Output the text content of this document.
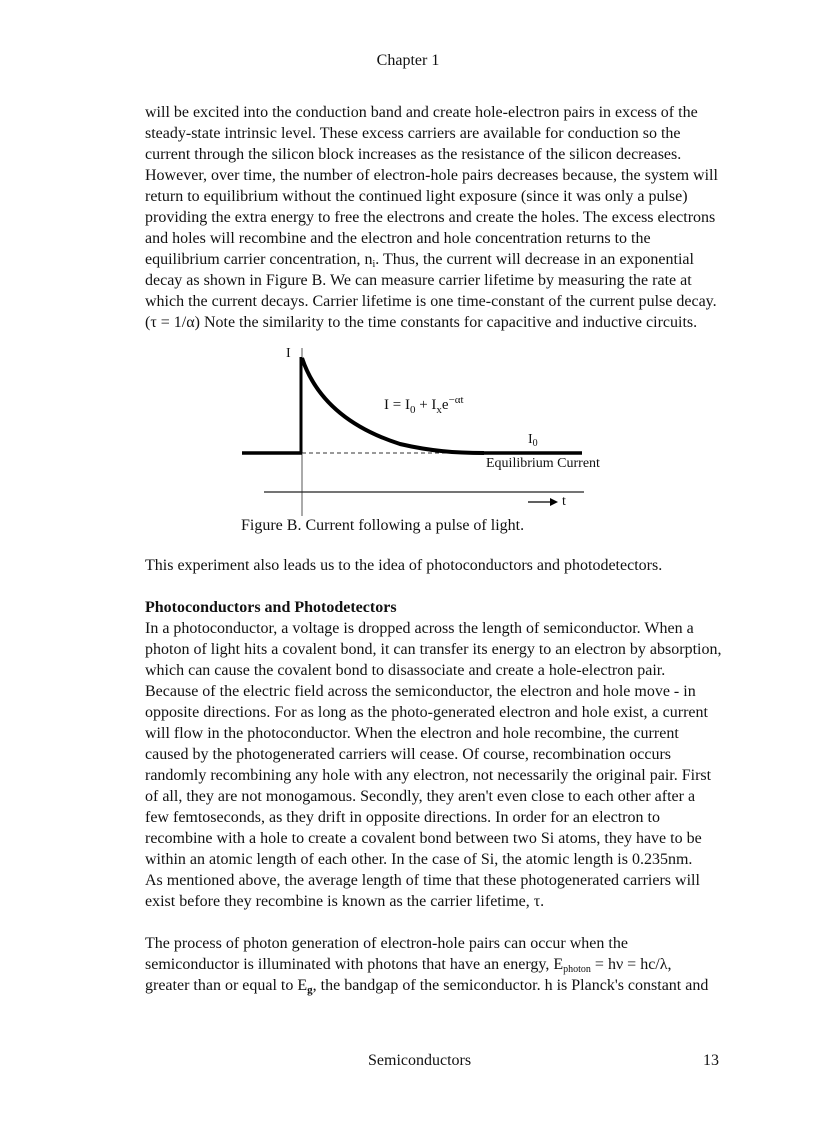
Chapter 1
will be excited into the conduction band and create hole-electron pairs in excess of the
steady-state intrinsic level. These excess carriers are available for conduction so the
current through the silicon block increases as the resistance of the silicon decreases.
However, over time, the number of electron-hole pairs decreases because, the system will
return to equilibrium without the continued light exposure (since it was only a pulse)
providing the extra energy to free the electrons and create the holes. The excess electrons
and holes will recombine and the electron and hole concentration returns to the
equilibrium carrier concentration, $n_i$. Thus, the current will decrease in an exponential
decay as shown in Figure B. We can measure carrier lifetime by measuring the rate at
which the current decays. Carrier lifetime is one time-constant of the current pulse decay.
(τ = 1/α) Note the similarity to the time constants for capacitive and inductive circuits.
I
t
$I = I_0 + I_xe^{-\alpha t}$
$I_0$
Equilibrium Current
Figure B. Current following a pulse of light.
This experiment also leads us to the idea of photoconductors and photodetectors.
Photoconductors and Photodetectors
In a photoconductor, a voltage is dropped across the length of semiconductor. When a
photon of light hits a covalent bond, it can transfer its energy to an electron by absorption,
which can cause the covalent bond to disassociate and create a hole-electron pair.
Because of the electric field across the semiconductor, the electron and hole move - in
opposite directions. For as long as the photo-generated electron and hole exist, a current
will flow in the photoconductor. When the electron and hole recombine, the current
caused by the photogenerated carriers will cease. Of course, recombination occurs
randomly recombining any hole with any electron, not necessarily the original pair. First
of all, they are not monogamous. Secondly, they aren't even close to each other after a
few femtoseconds, as they drift in opposite directions. In order for an electron to
recombine with a hole to create a covalent bond between two Si atoms, they have to be
within an atomic length of each other. In the case of Si, the atomic length is 0.235nm.
As mentioned above, the average length of time that these photogenerated carriers will
exist before they recombine is known as the carrier lifetime, τ.
The process of photon generation of electron-hole pairs can occur when the
semiconductor is illuminated with photons that have an energy, $E_{photon} = h\nu = hc/\lambda$,
greater than or equal to $E_g$, the bandgap of the semiconductor. h is Planck's constant and
Semiconductors	13
